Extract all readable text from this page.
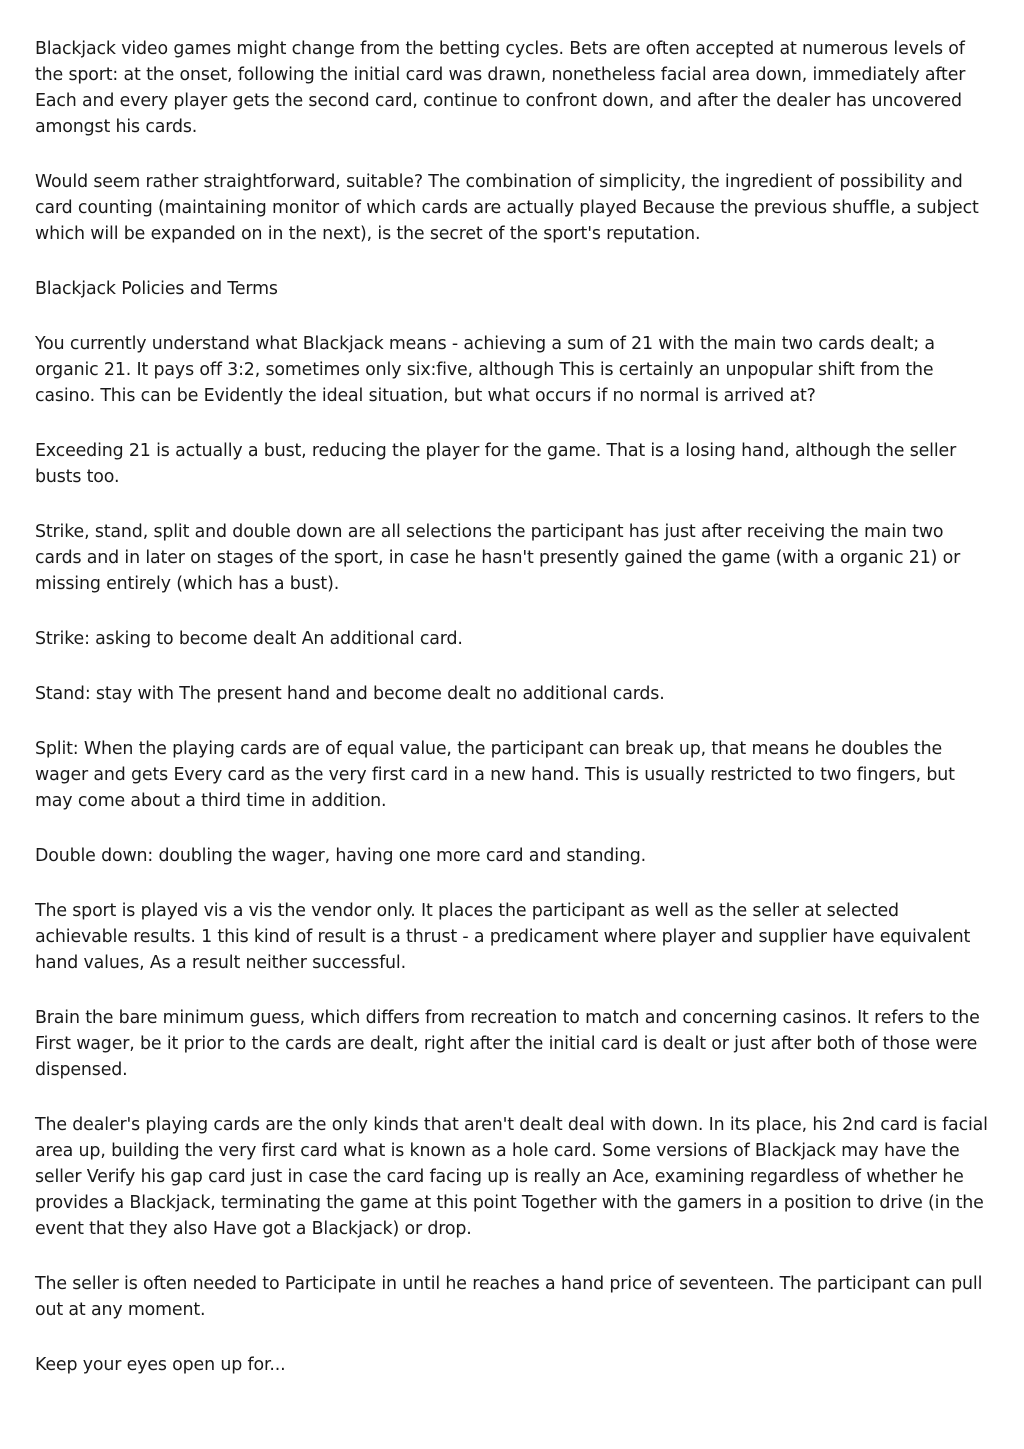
Blackjack video games might change from the betting cycles. Bets are often accepted at numerous levels of the sport: at the onset, following the initial card was drawn, nonetheless facial area down, immediately after Each and every player gets the second card, continue to confront down, and after the dealer has uncovered amongst his cards.

Would seem rather straightforward, suitable? The combination of simplicity, the ingredient of possibility and card counting (maintaining monitor of which cards are actually played Because the previous shuffle, a subject which will be expanded on in the next), is the secret of the sport's reputation.

Blackjack Policies and Terms

You currently understand what Blackjack means - achieving a sum of 21 with the main two cards dealt; a organic 21. It pays off 3:2, sometimes only six:five, although This is certainly an unpopular shift from the casino. This can be Evidently the ideal situation, but what occurs if no normal is arrived at?

Exceeding 21 is actually a bust, reducing the player for the game. That is a losing hand, although the seller busts too.

Strike, stand, split and double down are all selections the participant has just after receiving the main two cards and in later on stages of the sport, in case he hasn't presently gained the game (with a organic 21) or missing entirely (which has a bust).

Strike: asking to become dealt An additional card.

Stand: stay with The present hand and become dealt no additional cards.

Split: When the playing cards are of equal value, the participant can break up, that means he doubles the wager and gets Every card as the very first card in a new hand. This is usually restricted to two fingers, but may come about a third time in addition.

Double down: doubling the wager, having one more card and standing.

The sport is played vis a vis the vendor only. It places the participant as well as the seller at selected achievable results. 1 this kind of result is a thrust - a predicament where player and supplier have equivalent hand values, As a result neither successful.

Brain the bare minimum guess, which differs from recreation to match and concerning casinos. It refers to the First wager, be it prior to the cards are dealt, right after the initial card is dealt or just after both of those were dispensed.

The dealer's playing cards are the only kinds that aren't dealt deal with down. In its place, his 2nd card is facial area up, building the very first card what is known as a hole card. Some versions of Blackjack may have the seller Verify his gap card just in case the card facing up is really an Ace, examining regardless of whether he provides a Blackjack, terminating the game at this point Together with the gamers in a position to drive (in the event that they also Have got a Blackjack) or drop.

The seller is often needed to Participate in until he reaches a hand price of seventeen. The participant can pull out at any moment.

Keep your eyes open up for...
